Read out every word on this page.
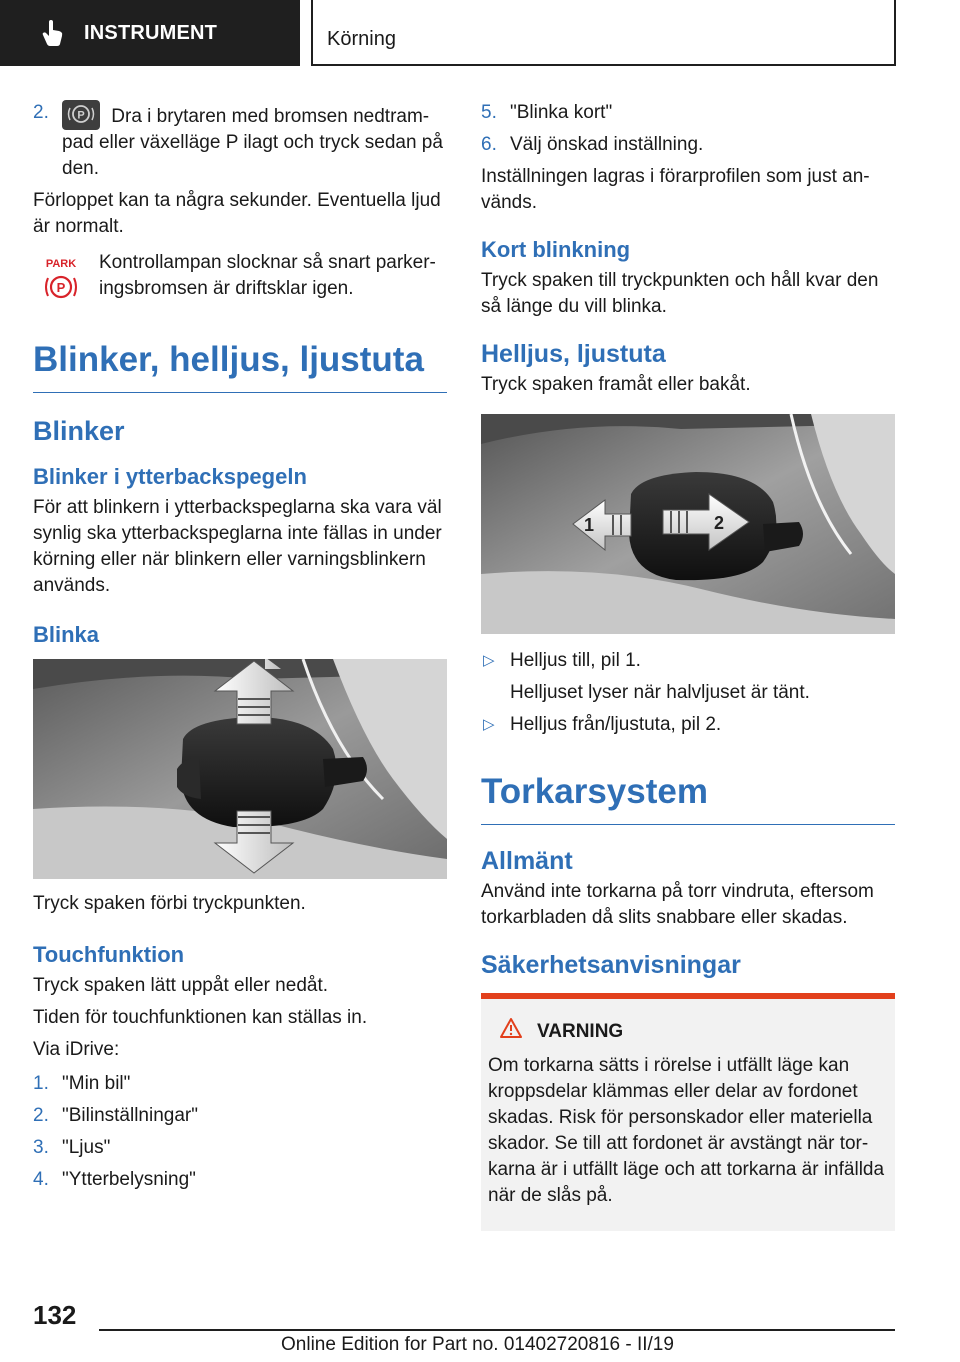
INSTRUMENT	Körning
2.	P Dra i brytaren med bromsen nedtram-pad eller växelläge P ilagt och tryck sedan på den.

Förloppet kan ta några sekunder. Eventuella ljud är normalt.

PARK
P

Kontrollampan slocknar så snart parker-ingsbromsen är driftsklar igen.

Blinker, helljus, ljustuta
Blinker
Blinker i ytterbackspegeln

För att blinkern i ytterbackspeglarna ska vara väl synlig ska ytterbackspeglarna inte fällas in under körning eller när blinkern eller varningsblinkern används.

Blinka

Tryck spaken förbi tryckpunkten.

Touchfunktion

Tryck spaken lätt uppåt eller nedåt.

Tiden för touchfunktionen kan ställas in.

Via iDrive:

1. "Min bil"
2. "Bilinställningar"
3. "Ljus"
4. "Ytterbelysning"
5. "Blinka kort"
6. Välj önskad inställning.

Inställningen lagras i förarprofilen som just an-vänds.

Kort blinkning

Tryck spaken till tryckpunkten och håll kvar den så länge du vill blinka.

Helljus, ljustuta

Tryck spaken framåt eller bakåt.

1	2
▷ Helljus till, pil 1.

Helljuset lyser när halvljuset är tänt.

▷ Helljus från/ljustuta, pil 2.
Torkarsystem
Allmänt

Använd inte torkarna på torr vindruta, eftersom torkarbladen då slits snabbare eller skadas.

Säkerhetsanvisningar
VARNING

Om torkarna sätts i rörelse i utfällt läge kan kroppsdelar klämmas eller delar av fordonet skadas. Risk för personskador eller materiella skador. Se till att fordonet är avstängt när tor-karna är i utfällt läge och att torkarna är infällda när de slås på.

132
Online Edition for Part no. 01402720816 - II/19
